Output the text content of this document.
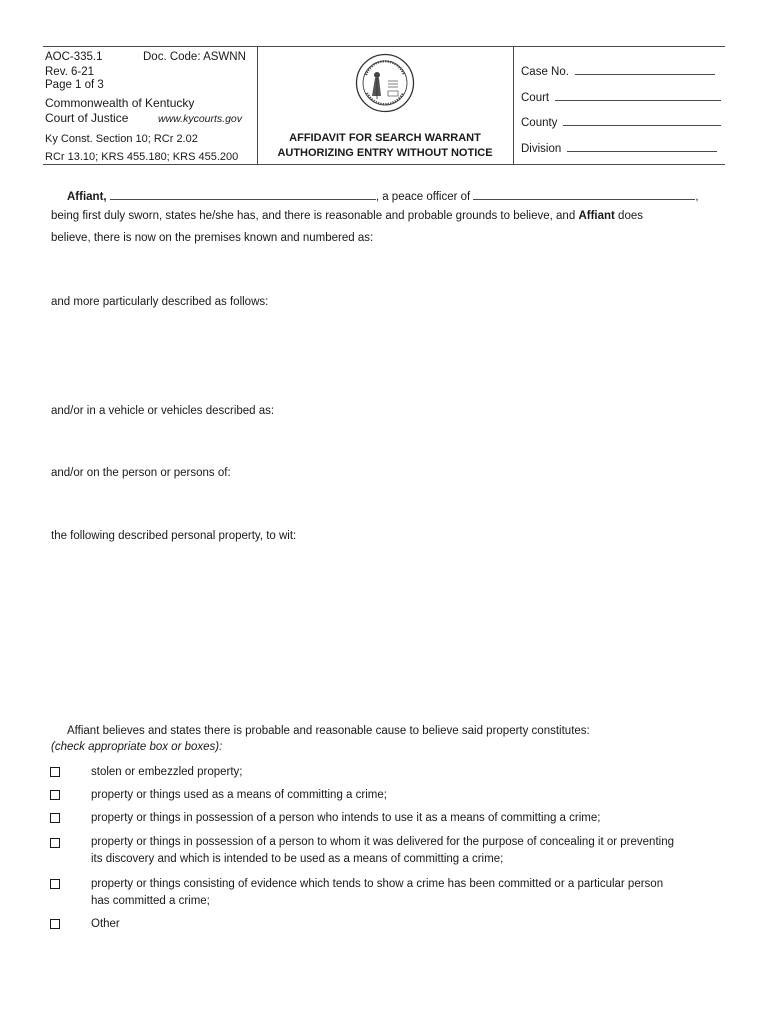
AOC-335.1	Doc. Code: ASWNN
Rev. 6-21
Page 1 of 3
Commonwealth of Kentucky
Court of Justice	www.kycourts.gov
Ky Const. Section 10; RCr 2.02
RCr 13.10; KRS 455.180; KRS 455.200
AFFIDAVIT FOR SEARCH WARRANT
AUTHORIZING ENTRY WITHOUT NOTICE
Case No.
Court
County
Division
Affiant,	, a peace officer of	,
being first duly sworn, states he/she has, and there is reasonable and probable grounds to believe, and Affiant does
believe, there is now on the premises known and numbered as:
and more particularly described as follows:
and/or in a vehicle or vehicles described as:
and/or on the person or persons of:
the following described personal property, to wit:
Affiant believes and states there is probable and reasonable cause to believe said property constitutes:
(check appropriate box or boxes):
stolen or embezzled property;
property or things used as a means of committing a crime;
property or things in possession of a person who intends to use it as a means of committing a crime;
property or things in possession of a person to whom it was delivered for the purpose of concealing it or preventing
its discovery and which is intended to be used as a means of committing a crime;
property or things consisting of evidence which tends to show a crime has been committed or a particular person
has committed a crime;
Other
